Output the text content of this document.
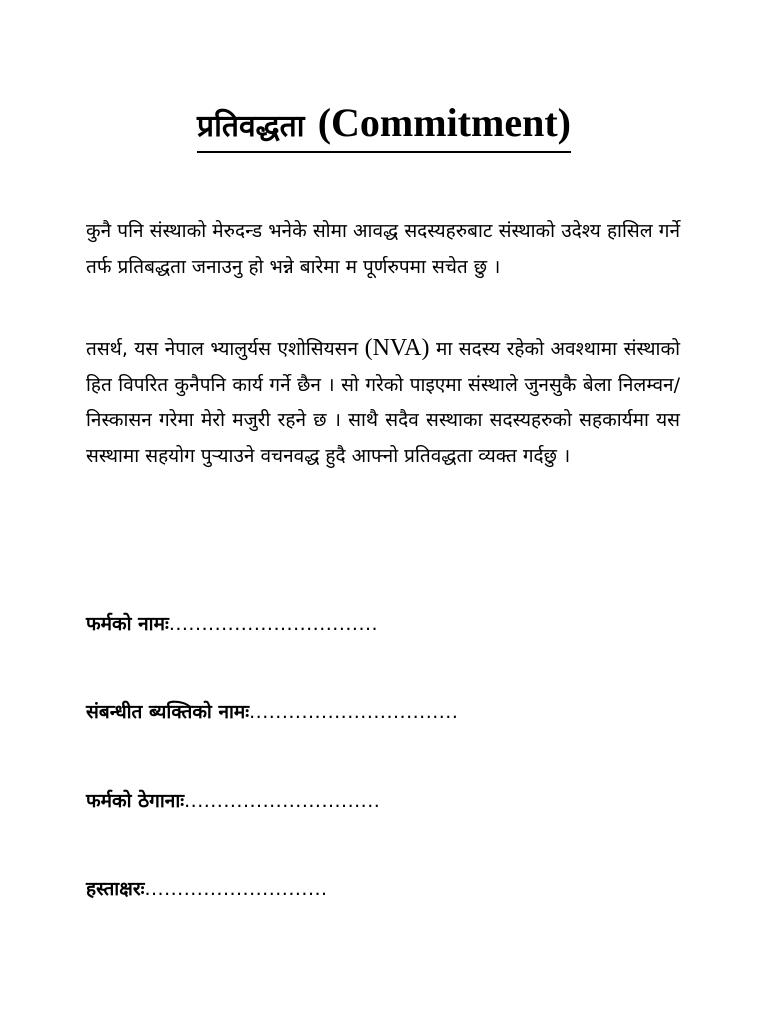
प्रतिवद्धता (Commitment)

कुनै पनि संस्थाको मेरुदन्ड भनेके सोमा आवद्ध सदस्यहरुबाट संस्थाको उदेश्य हासिल गर्ने तर्फ प्रतिबद्धता जनाउनु हो भन्ने बारेमा म पूर्णरुपमा सचेत छु ।

तसर्थ, यस नेपाल भ्यालुर्यस एशोसियसन (NVA) मा सदस्य रहेको अवश्थामा संस्थाको हित विपरित कुनैपनि कार्य गर्ने छैन । सो गरेको पाइएमा संस्थाले जुनसुकै बेला निलम्वन/निस्कासन गरेमा मेरो मजुरी रहने छ । साथै सदैव सस्थाका सदस्यहरुको सहकार्यमा यस सस्थामा सहयोग पुर्‍याउने वचनवद्ध हुदै आफ्नो प्रतिवद्धता व्यक्त गर्दछु ।

फर्मको नामः................................
संबन्धीत ब्यक्तिको नामः................................
फर्मको ठेगानाः..............................
हस्ताक्षरः............................
